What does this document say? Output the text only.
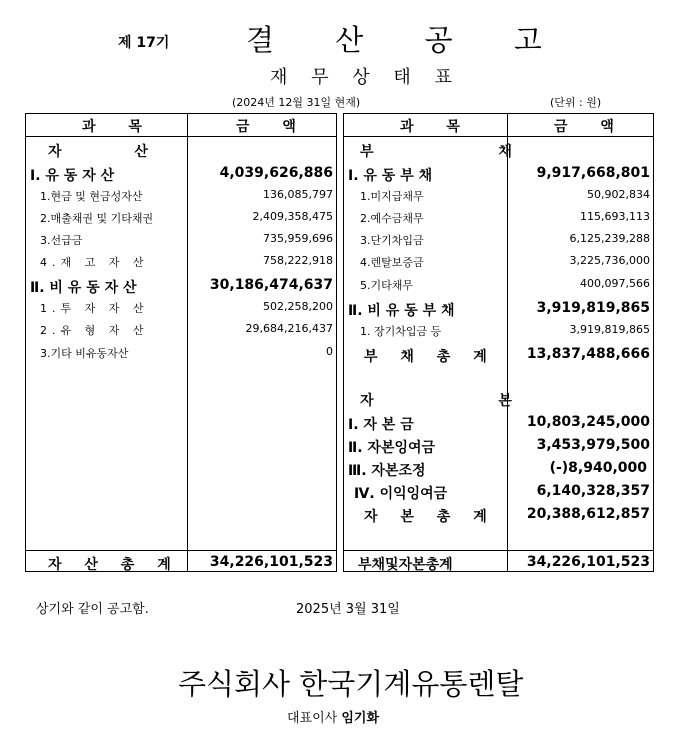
제 17기	결 산 공 고
재 무 상 태 표
(2024년 12월 31일 현재)	(단위 : 원)
과 목	금 액
자 산
Ⅰ. 유 동 자 산	4,039,626,886
1.현금 및 현금성자산	136,085,797
2.매출채권 및 기타채권	2,409,358,475
3.선급금	735,959,696
4.재 고 자 산	758,222,918
Ⅱ. 비 유 동 자 산	30,186,474,637
1.투 자 자 산	502,258,200
2.유 형 자 산	29,684,216,437
3.기타 비유동자산	0
자 산 총 계 34,226,101,523
과 목	금 액
부 채
Ⅰ. 유 동 부 채	9,917,668,801
1.미지급채무	50,902,834
2.예수금채무	115,693,113
3.단기차입금	6,125,239,288
4.렌탈보증금	3,225,736,000
5.기타채무	400,097,566
Ⅱ. 비 유 동 부 채	3,919,819,865
1. 장기차입금 등	3,919,819,865
부 채 총 계 13,837,488,666
자 본
Ⅰ. 자 본 금	10,803,245,000
Ⅱ. 자본잉여금	3,453,979,500
Ⅲ. 자본조정	(-)8,940,000
Ⅳ. 이익잉여금	6,140,328,357
자 본 총 계 20,388,612,857
부채및자본총계	34,226,101,523
상기와 같이 공고함.	2025년 3월 31일
주식회사 한국기계유통렌탈
대표이사 임기화
